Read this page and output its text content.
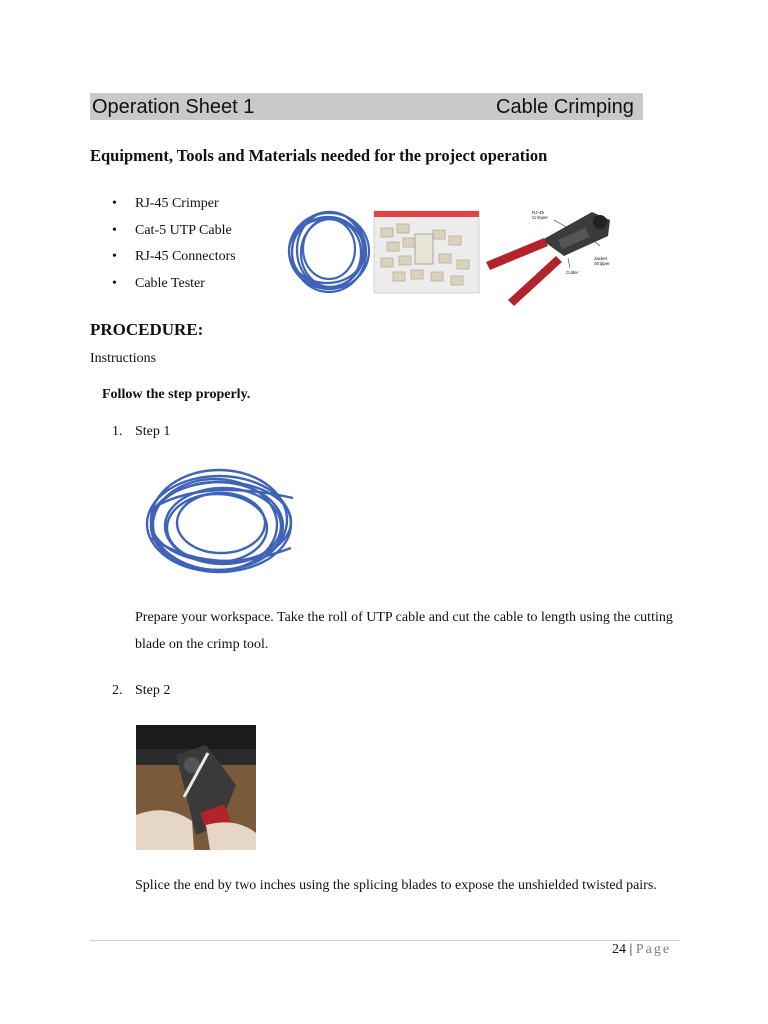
Operation Sheet 1	Cable Crimping
Equipment, Tools and Materials needed for the project operation
• RJ-45 Crimper
• Cat-5 UTP Cable
• RJ-45 Connectors
• Cable Tester
RJ-45 Crimper
Jacket Stripper
Cutter
PROCEDURE:
Instructions
Follow the step properly.
1. Step 1
Prepare your workspace. Take the roll of UTP cable and cut the cable to length using the cutting blade on the crimp tool.
2. Step 2
Splice the end by two inches using the splicing blades to expose the unshielded twisted pairs.
24 | Page
